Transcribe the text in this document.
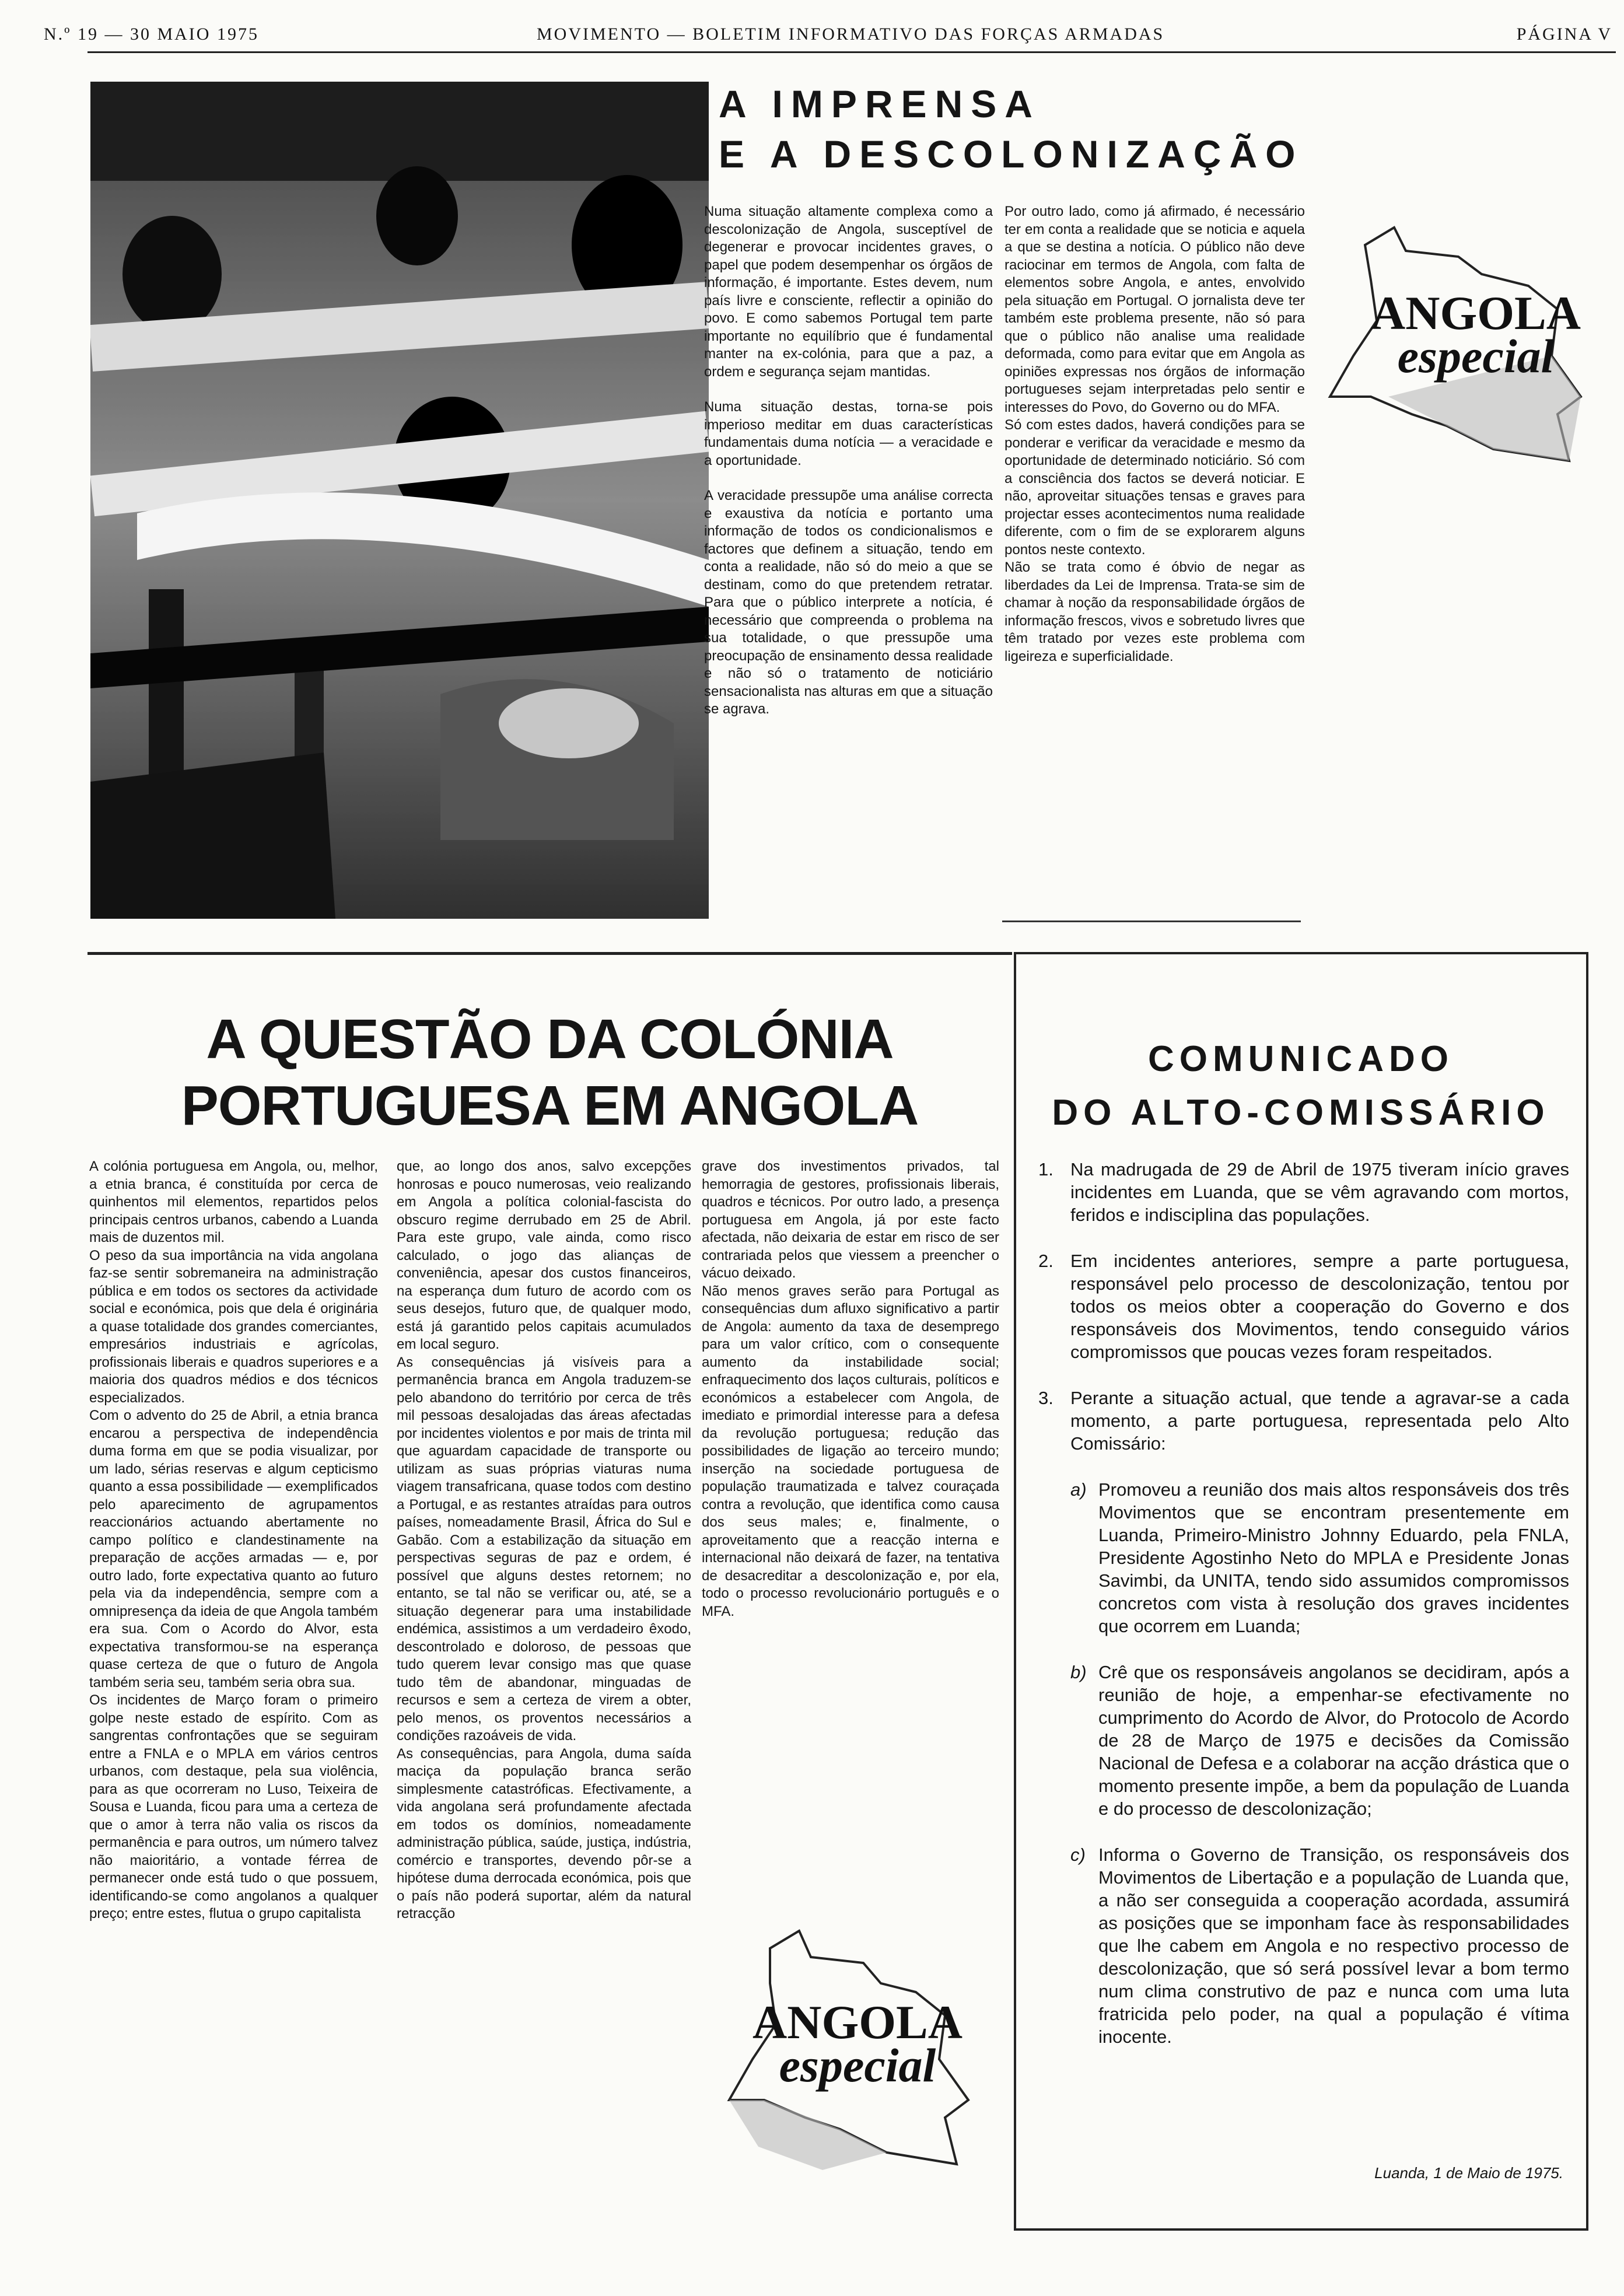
N.º 19 — 30 MAIO 1975	MOVIMENTO — BOLETIM INFORMATIVO DAS FORÇAS ARMADAS	PÁGINA V
A IMPRENSA
E A DESCOLONIZAÇÃO

Numa situação altamente complexa como a descolonização de Angola, susceptível de degenerar e provocar incidentes graves, o papel que podem desempenhar os órgãos de informação, é importante. Estes devem, num país livre e consciente, reflectir a opinião do povo. E como sabemos Portugal tem parte importante no equilíbrio que é fundamental manter na ex-colónia, para que a paz, a ordem e segurança sejam mantidas.

Numa situação destas, torna-se pois imperioso meditar em duas características fundamentais duma notícia — a veracidade e a oportunidade.

A veracidade pressupõe uma análise correcta e exaustiva da notícia e portanto uma informação de todos os condicionalismos e factores que definem a situação, tendo em conta a realidade, não só do meio a que se destinam, como do que pretendem retratar. Para que o público interprete a notícia, é necessário que compreenda o problema na sua totalidade, o que pressupõe uma preocupação de ensinamento dessa realidade e não só o tratamento de noticiário sensacionalista nas alturas em que a situação se agrava.

Por outro lado, como já afirmado, é necessário ter em conta a realidade que se noticia e aquela a que se destina a notícia. O público não deve raciocinar em termos de Angola, com falta de elementos sobre Angola, e antes, envolvido pela situação em Portugal. O jornalista deve ter também este problema presente, não só para que o público não analise uma realidade deformada, como para evitar que em Angola as opiniões expressas nos órgãos de informação portugueses sejam interpretadas pelo sentir e interesses do Povo, do Governo ou do MFA.

Só com estes dados, haverá condições para se ponderar e verificar da veracidade e mesmo da oportunidade de determinado noticiário. Só com a consciência dos factos se deverá noticiar. E não, aproveitar situações tensas e graves para projectar esses acontecimentos numa realidade diferente, com o fim de se explorarem alguns pontos neste contexto.

Não se trata como é óbvio de negar as liberdades da Lei de Imprensa. Trata-se sim de chamar à noção da responsabilidade órgãos de informação frescos, vivos e sobretudo livres que têm tratado por vezes este problema com ligeireza e superficialidade.

ANGOLA
especial
A QUESTÃO DA COLÓNIA
PORTUGUESA EM ANGOLA

A colónia portuguesa em Angola, ou, melhor, a etnia branca, é constituída por cerca de quinhentos mil elementos, repartidos pelos principais centros urbanos, cabendo a Luanda mais de duzentos mil.

O peso da sua importância na vida angolana faz-se sentir sobremaneira na administração pública e em todos os sectores da actividade social e económica, pois que dela é originária a quase totalidade dos grandes comerciantes, empresários industriais e agrícolas, profissionais liberais e quadros superiores e a maioria dos quadros médios e dos técnicos especializados.

Com o advento do 25 de Abril, a etnia branca encarou a perspectiva de independência duma forma em que se podia visualizar, por um lado, sérias reservas e algum cepticismo quanto a essa possibilidade — exemplificados pelo aparecimento de agrupamentos reaccionários actuando abertamente no campo político e clandestinamente na preparação de acções armadas — e, por outro lado, forte expectativa quanto ao futuro pela via da independência, sempre com a omnipresença da ideia de que Angola também era sua. Com o Acordo do Alvor, esta expectativa transformou-se na esperança quase certeza de que o futuro de Angola também seria seu, também seria obra sua.

Os incidentes de Março foram o primeiro golpe neste estado de espírito. Com as sangrentas confrontações que se seguiram entre a FNLA e o MPLA em vários centros urbanos, com destaque, pela sua violência, para as que ocorreram no Luso, Teixeira de Sousa e Luanda, ficou para uma a certeza de que o amor à terra não valia os riscos da permanência e para outros, um número talvez não maioritário, a vontade férrea de permanecer onde está tudo o que possuem, identificando-se como angolanos a qualquer preço; entre estes, flutua o grupo capitalista

que, ao longo dos anos, salvo excepções honrosas e pouco numerosas, veio realizando em Angola a política colonial-fascista do obscuro regime derrubado em 25 de Abril. Para este grupo, vale ainda, como risco calculado, o jogo das alianças de conveniência, apesar dos custos financeiros, na esperança dum futuro de acordo com os seus desejos, futuro que, de qualquer modo, está já garantido pelos capitais acumulados em local seguro.

As consequências já visíveis para a permanência branca em Angola traduzem-se pelo abandono do território por cerca de três mil pessoas desalojadas das áreas afectadas por incidentes violentos e por mais de trinta mil que aguardam capacidade de transporte ou utilizam as suas próprias viaturas numa viagem transafricana, quase todos com destino a Portugal, e as restantes atraídas para outros países, nomeadamente Brasil, África do Sul e Gabão. Com a estabilização da situação em perspectivas seguras de paz e ordem, é possível que alguns destes retornem; no entanto, se tal não se verificar ou, até, se a situação degenerar para uma instabilidade endémica, assistimos a um verdadeiro êxodo, descontrolado e doloroso, de pessoas que tudo querem levar consigo mas que quase tudo têm de abandonar, minguadas de recursos e sem a certeza de virem a obter, pelo menos, os proventos necessários a condições razoáveis de vida.

As consequências, para Angola, duma saída maciça da população branca serão simplesmente catastróficas. Efectivamente, a vida angolana será profundamente afectada em todos os domínios, nomeadamente administração pública, saúde, justiça, indústria, comércio e transportes, devendo pôr-se a hipótese duma derrocada económica, pois que o país não poderá suportar, além da natural retracção

grave dos investimentos privados, tal hemorragia de gestores, profissionais liberais, quadros e técnicos. Por outro lado, a presença portuguesa em Angola, já por este facto afectada, não deixaria de estar em risco de ser contrariada pelos que viessem a preencher o vácuo deixado.

Não menos graves serão para Portugal as consequências dum afluxo significativo a partir de Angola: aumento da taxa de desemprego para um valor crítico, com o consequente aumento da instabilidade social; enfraquecimento dos laços culturais, políticos e económicos a estabelecer com Angola, de imediato e primordial interesse para a defesa da revolução portuguesa; redução das possibilidades de ligação ao terceiro mundo; inserção na sociedade portuguesa de população traumatizada e talvez couraçada contra a revolução, que identifica como causa dos seus males; e, finalmente, o aproveitamento que a reacção interna e internacional não deixará de fazer, na tentativa de desacreditar a descolonização e, por ela, todo o processo revolucionário português e o MFA.

ANGOLA
especial
COMUNICADO
DO ALTO-COMISSÁRIO
1. Na madrugada de 29 de Abril de 1975 tiveram início graves incidentes em Luanda, que se vêm agravando com mortos, feridos e indisciplina das populações.
2. Em incidentes anteriores, sempre a parte portuguesa, responsável pelo processo de descolonização, tentou por todos os meios obter a cooperação do Governo e dos responsáveis dos Movimentos, tendo conseguido vários compromissos que poucas vezes foram respeitados.
3. Perante a situação actual, que tende a agravar-se a cada momento, a parte portuguesa, representada pelo Alto Comissário:
a) Promoveu a reunião dos mais altos responsáveis dos três Movimentos que se encontram presentemente em Luanda, Primeiro-Ministro Johnny Eduardo, pela FNLA, Presidente Agostinho Neto do MPLA e Presidente Jonas Savimbi, da UNITA, tendo sido assumidos compromissos concretos com vista à resolução dos graves incidentes que ocorrem em Luanda;
b) Crê que os responsáveis angolanos se decidiram, após a reunião de hoje, a empenhar-se efectivamente no cumprimento do Acordo de Alvor, do Protocolo de Acordo de 28 de Março de 1975 e decisões da Comissão Nacional de Defesa e a colaborar na acção drástica que o momento presente impõe, a bem da população de Luanda e do processo de descolonização;
c) Informa o Governo de Transição, os responsáveis dos Movimentos de Libertação e a população de Luanda que, a não ser conseguida a cooperação acordada, assumirá as posições que se imponham face às responsabilidades que lhe cabem em Angola e no respectivo processo de descolonização, que só será possível levar a bom termo num clima construtivo de paz e nunca com uma luta fratricida pelo poder, na qual a população é vítima inocente.
Luanda, 1 de Maio de 1975.
